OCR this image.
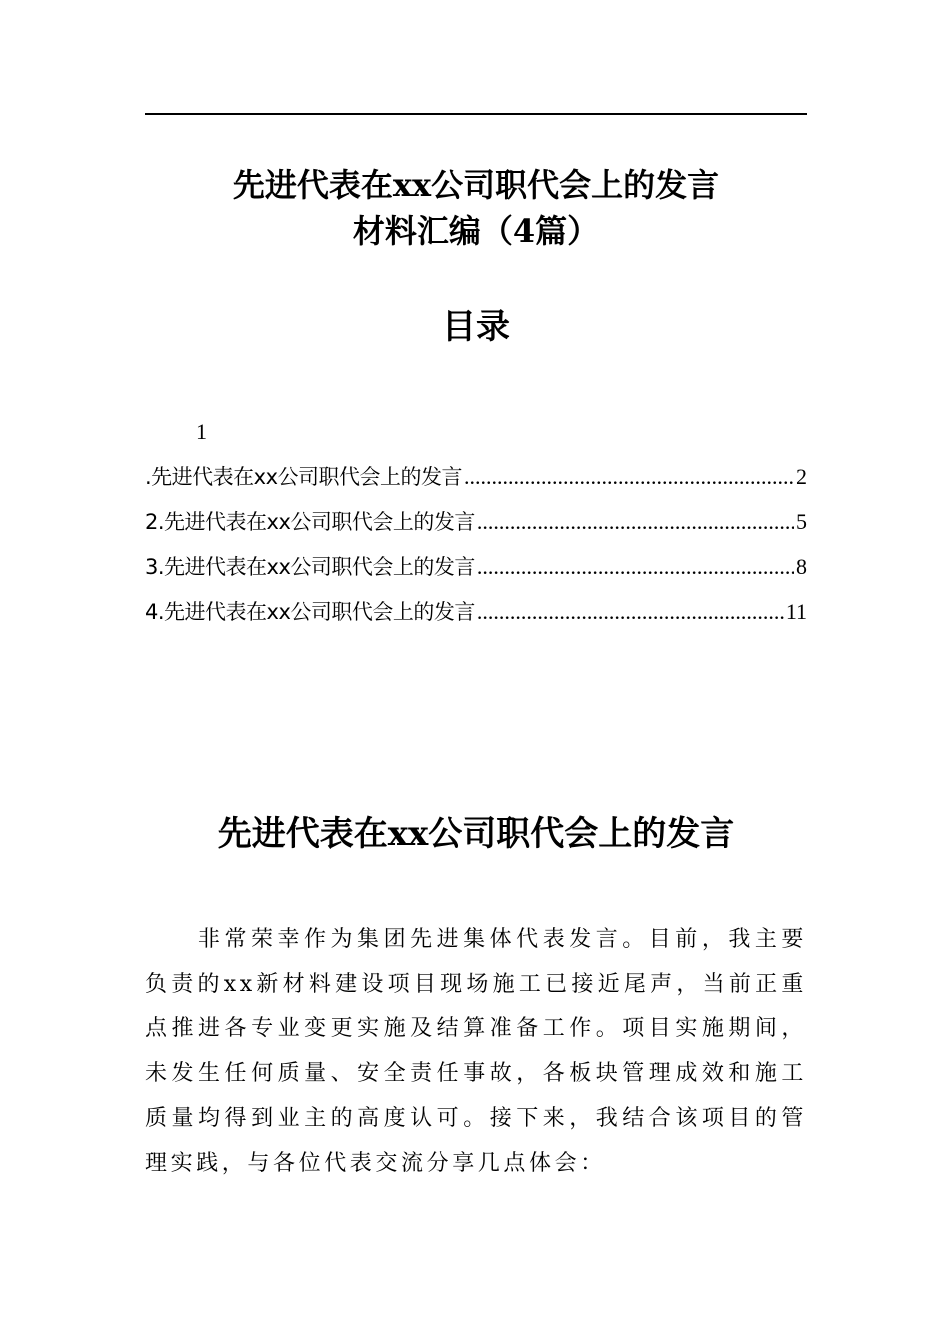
先进代表在xx公司职代会上的发言
材料汇编（4篇）
目录
1
.先进代表在xx公司职代会上的发言 .....	2
2.先进代表在xx公司职代会上的发言 .....	5
3.先进代表在xx公司职代会上的发言 .....	8
4.先进代表在xx公司职代会上的发言 .....	11
先进代表在xx公司职代会上的发言

非常荣幸作为集团先进集体代表发言。目前，我主要负责的xx新材料建设项目现场施工已接近尾声，当前正重点推进各专业变更实施及结算准备工作。项目实施期间，未发生任何质量、安全责任事故，各板块管理成效和施工质量均得到业主的高度认可。接下来，我结合该项目的管理实践，与各位代表交流分享几点体会：
